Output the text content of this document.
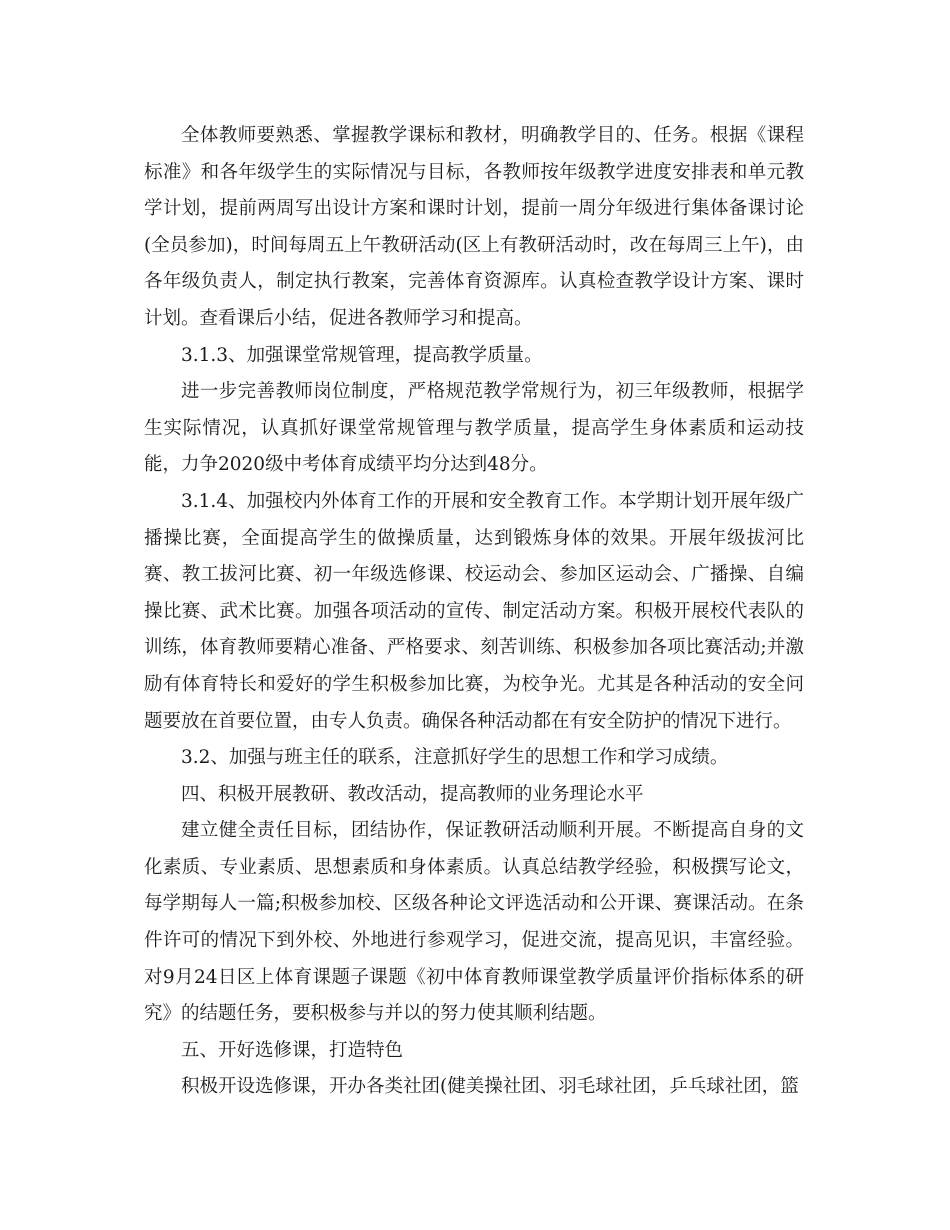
全体教师要熟悉、掌握教学课标和教材，明确教学目的、任务。根据《课程标准》和各年级学生的实际情况与目标，各教师按年级教学进度安排表和单元教学计划，提前两周写出设计方案和课时计划，提前一周分年级进行集体备课讨论(全员参加)，时间每周五上午教研活动(区上有教研活动时，改在每周三上午)，由各年级负责人，制定执行教案，完善体育资源库。认真检查教学设计方案、课时计划。查看课后小结，促进各教师学习和提高。

3.1.3、加强课堂常规管理，提高教学质量。

进一步完善教师岗位制度，严格规范教学常规行为，初三年级教师，根据学生实际情况，认真抓好课堂常规管理与教学质量，提高学生身体素质和运动技能，力争2020级中考体育成绩平均分达到48分。

3.1.4、加强校内外体育工作的开展和安全教育工作。本学期计划开展年级广播操比赛，全面提高学生的做操质量，达到锻炼身体的效果。开展年级拔河比赛、教工拔河比赛、初一年级选修课、校运动会、参加区运动会、广播操、自编操比赛、武术比赛。加强各项活动的宣传、制定活动方案。积极开展校代表队的训练，体育教师要精心准备、严格要求、刻苦训练、积极参加各项比赛活动;并激励有体育特长和爱好的学生积极参加比赛，为校争光。尤其是各种活动的安全问题要放在首要位置，由专人负责。确保各种活动都在有安全防护的情况下进行。

3.2、加强与班主任的联系，注意抓好学生的思想工作和学习成绩。

四、积极开展教研、教改活动，提高教师的业务理论水平

建立健全责任目标，团结协作，保证教研活动顺利开展。不断提高自身的文化素质、专业素质、思想素质和身体素质。认真总结教学经验，积极撰写论文，每学期每人一篇;积极参加校、区级各种论文评选活动和公开课、赛课活动。在条件许可的情况下到外校、外地进行参观学习，促进交流，提高见识，丰富经验。对9月24日区上体育课题子课题《初中体育教师课堂教学质量评价指标体系的研究》的结题任务，要积极参与并以的努力使其顺利结题。

五、开好选修课，打造特色

积极开设选修课，开办各类社团(健美操社团、羽毛球社团，乒乓球社团，篮
